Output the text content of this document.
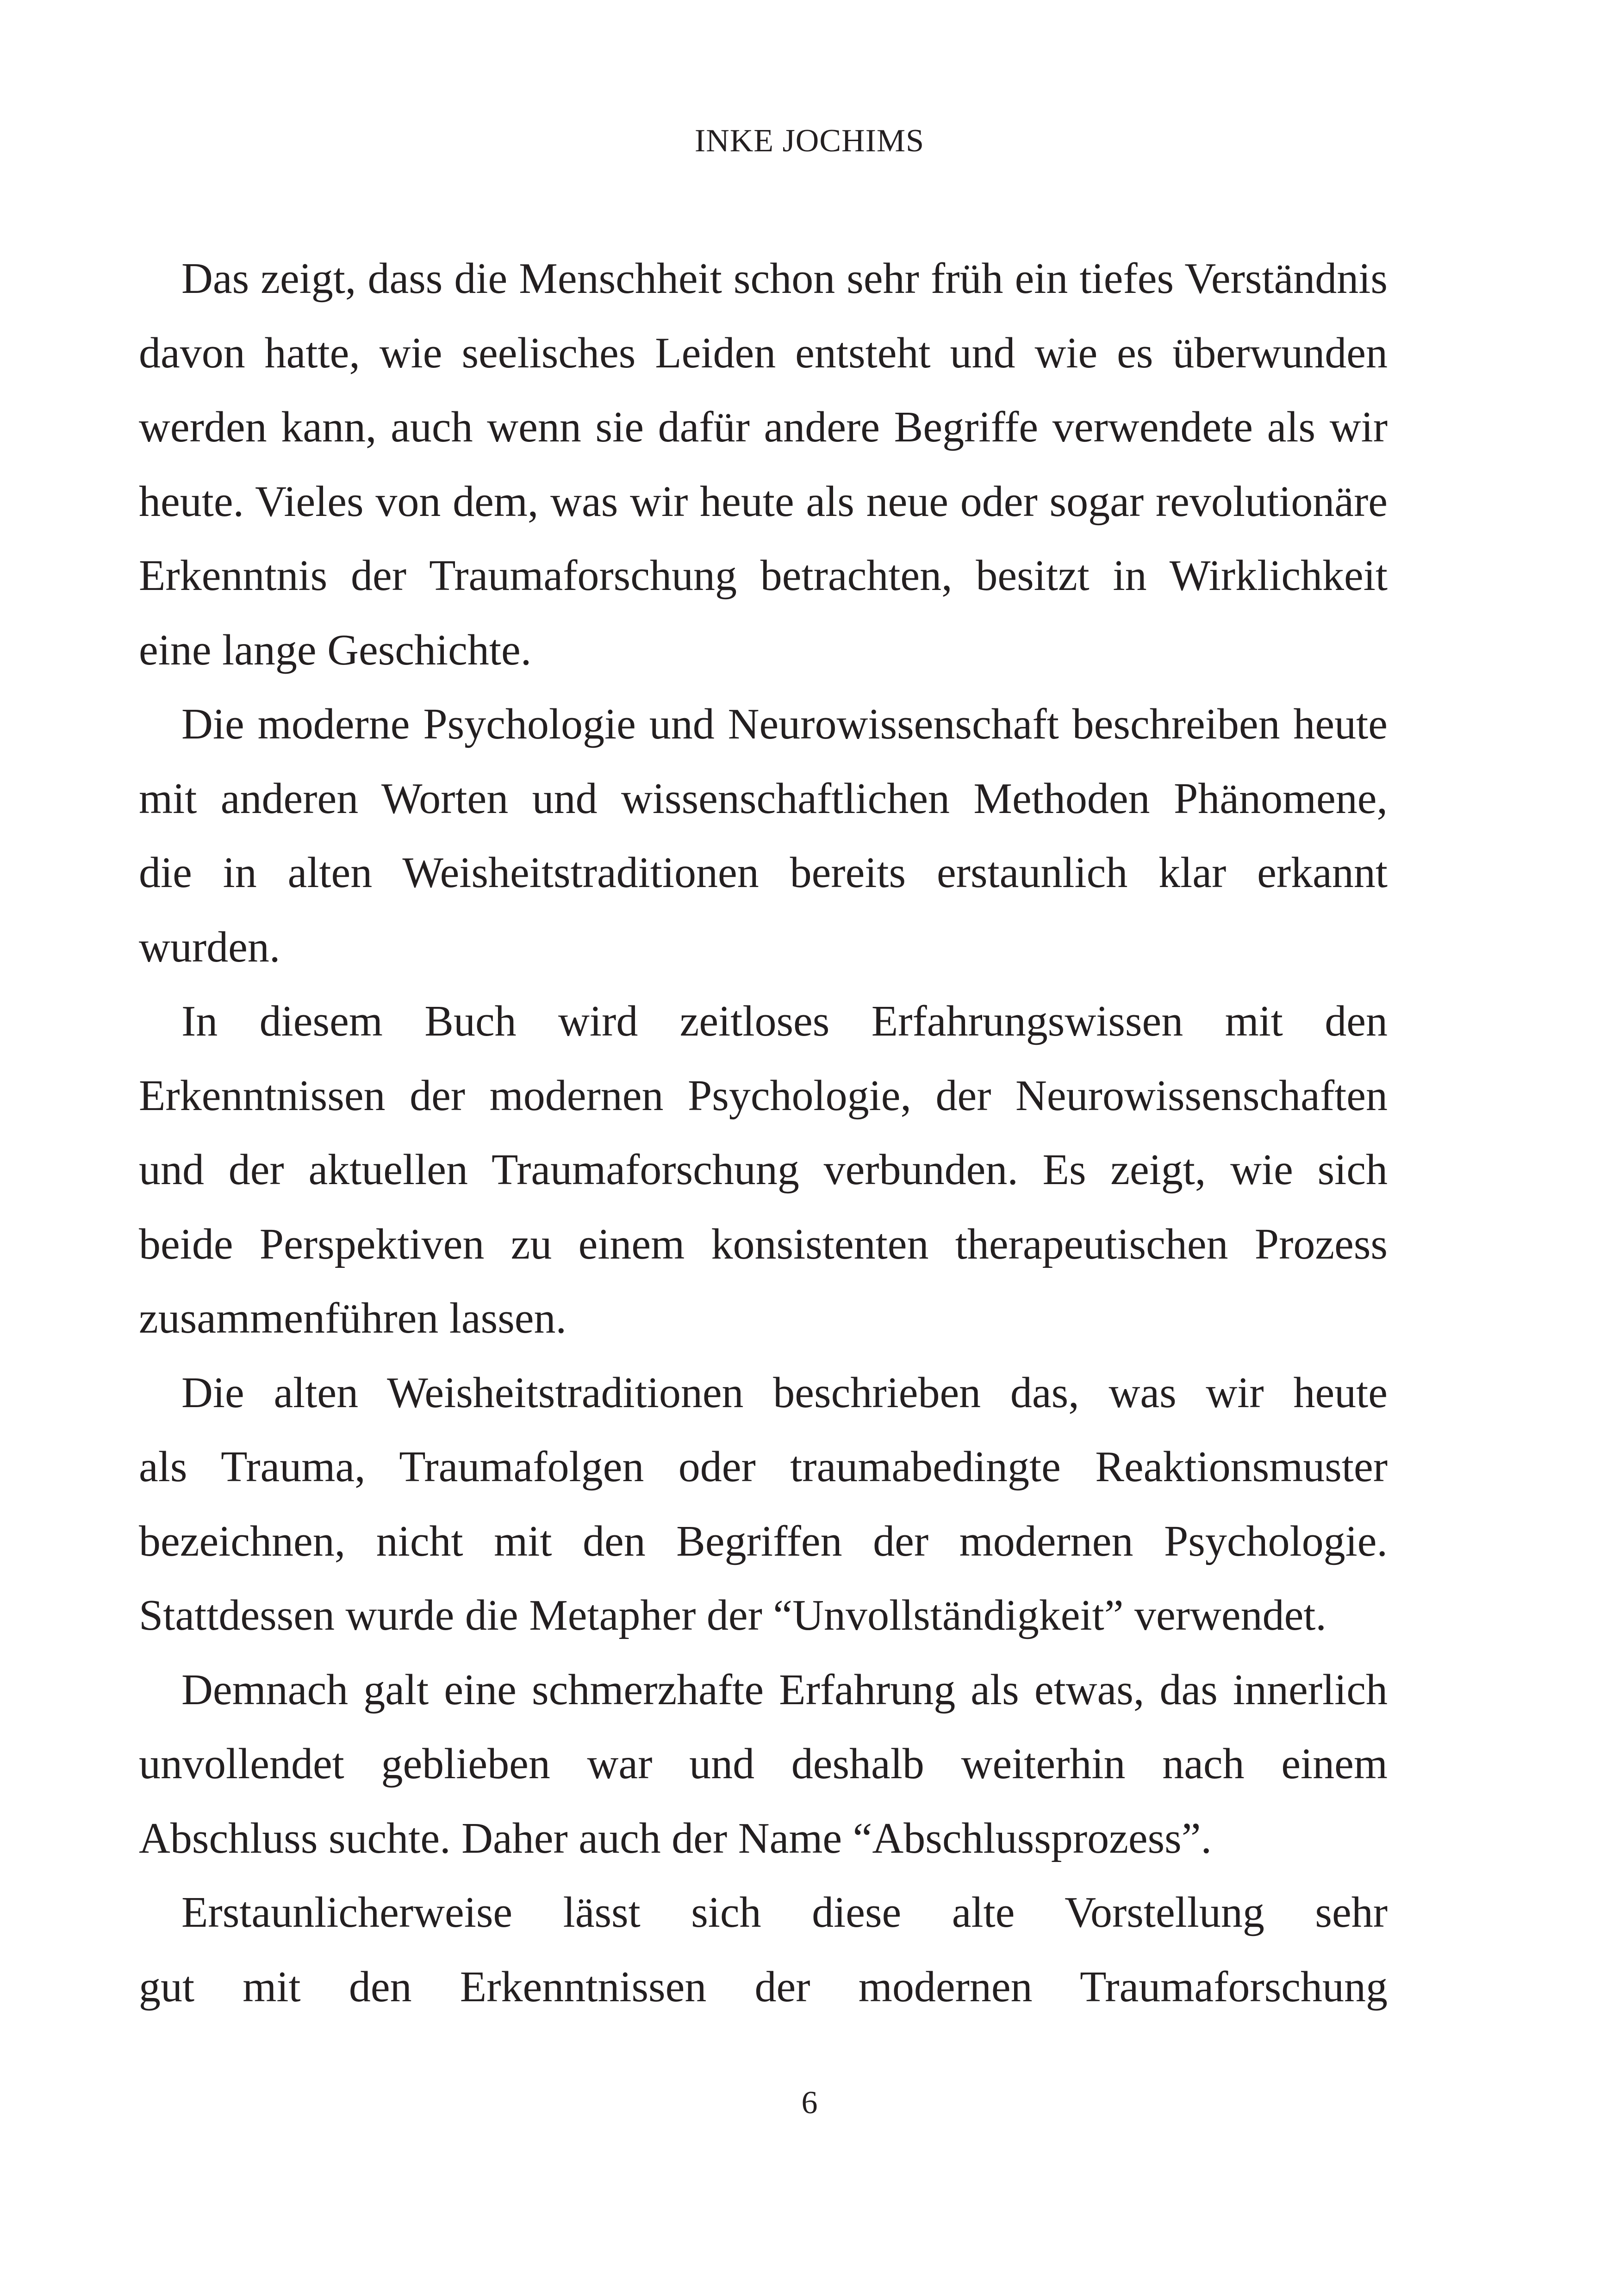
INKE JOCHIMS
Das zeigt, dass die Menschheit schon sehr früh ein tiefes Verständnis
davon hatte, wie seelisches Leiden entsteht und wie es überwunden
werden kann, auch wenn sie dafür andere Begriffe verwendete als wir
heute. Vieles von dem, was wir heute als neue oder sogar revolutionäre
Erkenntnis der Traumaforschung betrachten, besitzt in Wirklichkeit
eine lange Geschichte.
Die moderne Psychologie und Neurowissenschaft beschreiben heute
mit anderen Worten und wissenschaftlichen Methoden Phänomene,
die in alten Weisheitstraditionen bereits erstaunlich klar erkannt
wurden.
In diesem Buch wird zeitloses Erfahrungswissen mit den
Erkenntnissen der modernen Psychologie, der Neurowissenschaften
und der aktuellen Traumaforschung verbunden. Es zeigt, wie sich
beide Perspektiven zu einem konsistenten therapeutischen Prozess
zusammenführen lassen.
Die alten Weisheitstraditionen beschrieben das, was wir heute
als Trauma, Traumafolgen oder traumabedingte Reaktionsmuster
bezeichnen, nicht mit den Begriffen der modernen Psychologie.
Stattdessen wurde die Metapher der “Unvollständigkeit” verwendet.
Demnach galt eine schmerzhafte Erfahrung als etwas, das innerlich
unvollendet geblieben war und deshalb weiterhin nach einem
Abschluss suchte. Daher auch der Name “Abschlussprozess”.
Erstaunlicherweise lässt sich diese alte Vorstellung sehr
gut mit den Erkenntnissen der modernen Traumaforschung
6
